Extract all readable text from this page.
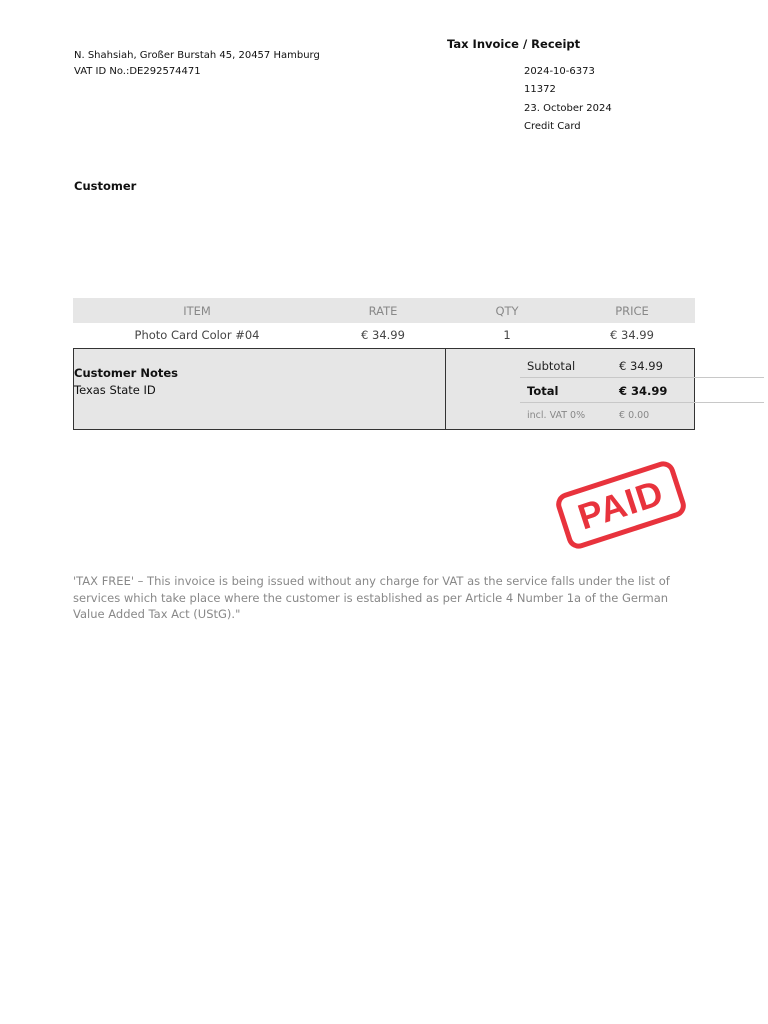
N. Shahsiah, Großer Burstah 45, 20457 Hamburg
VAT ID No.:DE292574471
Tax Invoice / Receipt
2024-10-6373
11372
23. October 2024
Credit Card
Customer
ITEM	RATE	QTY	PRICE
Photo Card Color #04	€ 34.99	1	€ 34.99
Customer Notes
Texas State ID
Subtotal	€ 34.99
Total	€ 34.99
incl. VAT 0%	€ 0.00
PAID
'TAX FREE' – This invoice is being issued without any charge for VAT as the service falls under the list of services which take place where the customer is established as per Article 4 Number 1a of the German Value Added Tax Act (UStG)."
